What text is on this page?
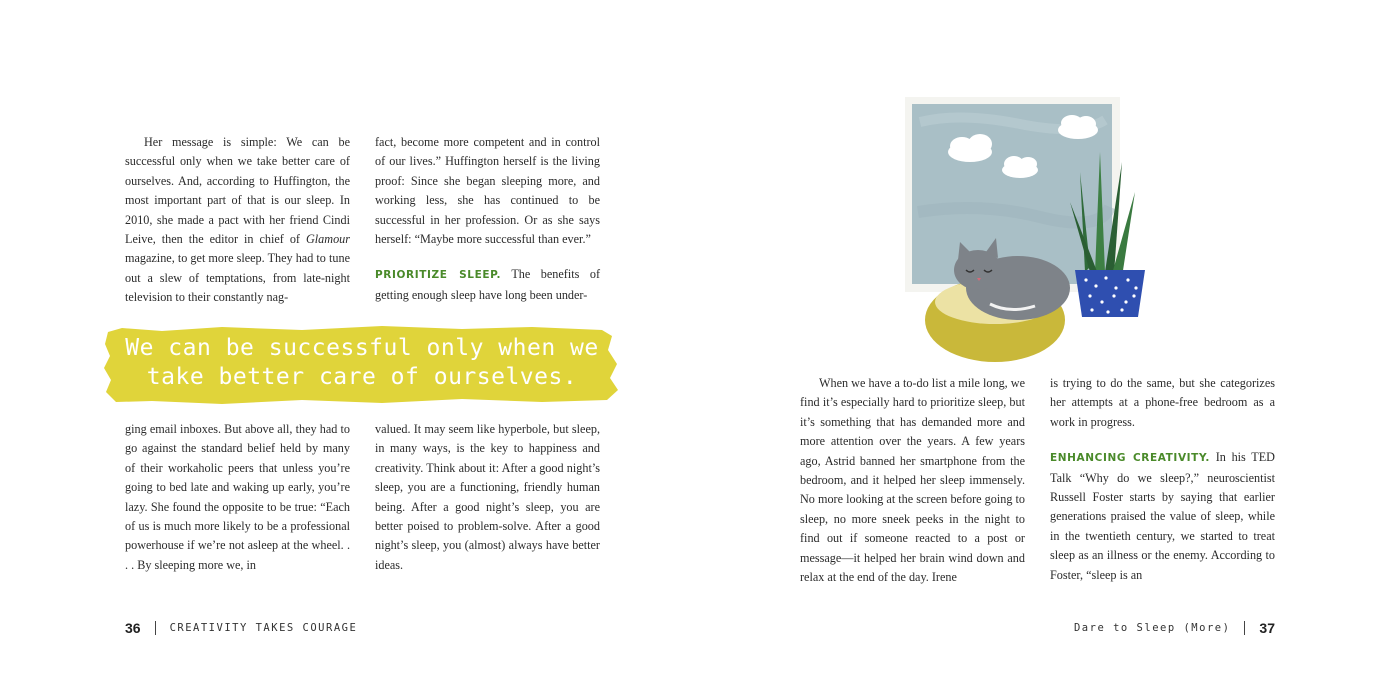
Her message is simple: We can be successful only when we take better care of ourselves. And, according to Huffington, the most important part of that is our sleep. In 2010, she made a pact with her friend Cindi Leive, then the editor in chief of Glamour magazine, to get more sleep. They had to tune out a slew of temptations, from late-night television to their constantly nag-

fact, become more competent and in control of our lives.” Huffington herself is the living proof: Since she began sleeping more, and working less, she has continued to be successful in her profession. Or as she says herself: “Maybe more successful than ever.”

PRIORITIZE SLEEP. The benefits of getting enough sleep have long been under-

We can be successful only when we
take better care of ourselves.

ging email inboxes. But above all, they had to go against the standard belief held by many of their workaholic peers that unless you’re going to bed late and waking up early, you’re lazy. She found the opposite to be true: “Each of us is much more likely to be a professional powerhouse if we’re not asleep at the wheel. . . . By sleeping more we, in

valued. It may seem like hyperbole, but sleep, in many ways, is the key to happiness and creativity. Think about it: After a good night’s sleep, you are a functioning, friendly human being. After a good night’s sleep, you are better poised to problem-solve. After a good night’s sleep, you (almost) always have better ideas.

36	CREATIVITY TAKES COURAGE

When we have a to-do list a mile long, we find it’s especially hard to prioritize sleep, but it’s something that has demanded more and more attention over the years. A few years ago, Astrid banned her smartphone from the bedroom, and it helped her sleep immensely. No more looking at the screen before going to sleep, no more sneek peeks in the night to find out if someone reacted to a post or message—it helped her brain wind down and relax at the end of the day. Irene

is trying to do the same, but she categorizes her attempts at a phone-free bedroom as a work in progress.

ENHANCING CREATIVITY. In his TED Talk “Why do we sleep?,” neuroscientist Russell Foster starts by saying that earlier generations praised the value of sleep, while in the twentieth century, we started to treat sleep as an illness or the enemy. According to Foster, “sleep is an

Dare to Sleep (More) 37
